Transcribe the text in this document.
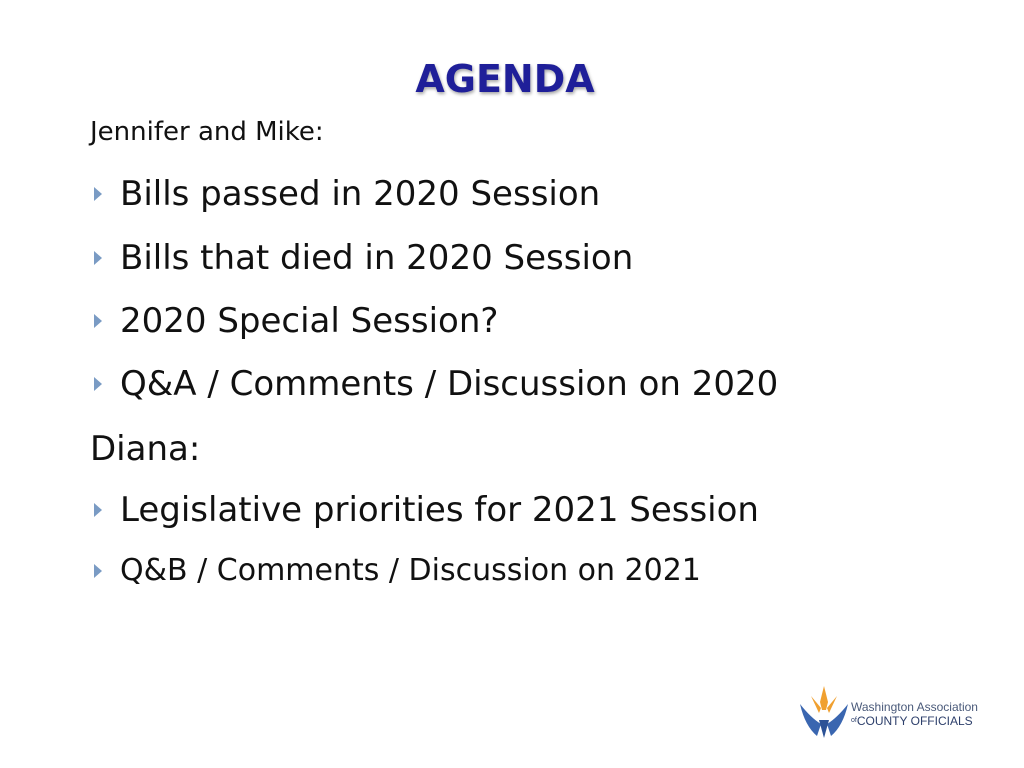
AGENDA
Jennifer and Mike:
Bills passed in 2020 Session
Bills that died in 2020 Session
2020 Special Session?
Q&A / Comments / Discussion on 2020
Diana:
Legislative priorities for 2021 Session
Q&B / Comments / Discussion on 2021
Washington Association
$^{of}$COUNTY OFFICIALS
